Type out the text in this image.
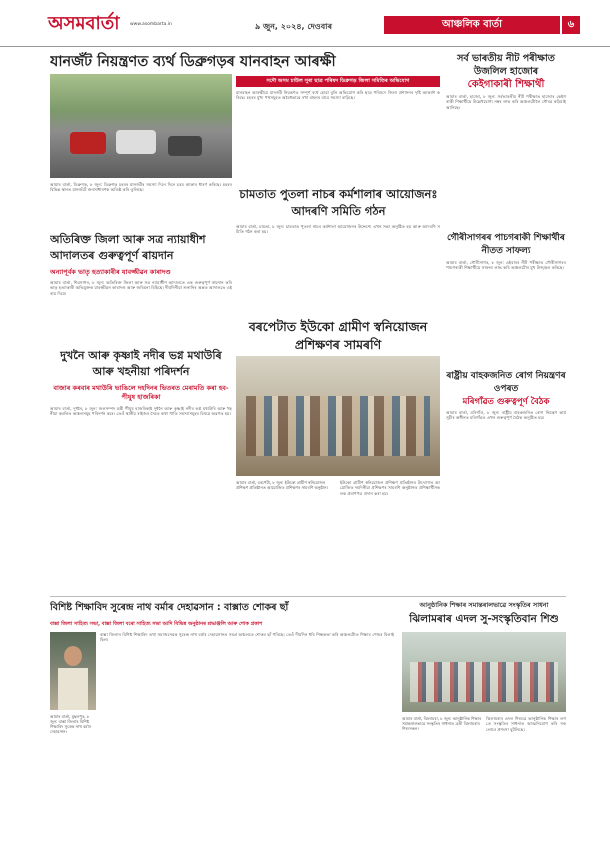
অসমবাৰ্তা	www.asombarta.in	৯ জুন, ২০২৪, দেওবাৰ	আঞ্চলিক বাৰ্তা	৬
যানজঁট নিয়ন্ত্ৰণত ব্যৰ্থ ডিব্ৰুগড়ৰ যানবাহন আৰক্ষী
সদৌ অসম চাউল সুৰা ছাত্ৰ পৰিষদ ডিব্ৰুগড় জিলা সমিতিৰ অভিযোগ
আমাৰ বাৰ্তা, ডিব্ৰুগড়, ৮ জুন: ডিব্ৰুগড় চহৰৰ যানজঁটৰ সমস্যা দিনে দিনে চৰম আকাৰ ধাৰণ কৰিছে। চহৰৰ বিভিন্ন স্থানত যানজঁটে জনসাধাৰণক অতিষ্ঠ কৰি তুলিছে।
যানবাহন আৰক্ষীয়ে যানজঁট নিয়ন্ত্ৰণত সম্পূৰ্ণ ব্যৰ্থ হোৱা বুলি অভিযোগ কৰি ছাত্ৰ পৰিষদে জিলা প্ৰশাসনৰ দৃষ্টি আকৰ্ষণ কৰিছে। চহৰৰ মুখ্য পথসমূহত অবৈধভাৱে ৰখা বাহনৰ বাবে সমস্যা বাঢ়িছে।
চামতাত পুতলা নাচৰ কৰ্মশালাৰ আয়োজনঃ আদৰণি সমিতি গঠন
আমাৰ বাৰ্তা, চামতা, ৮ জুন: চামতাত পুতলা নাচৰ কৰ্মশালা আয়োজনৰ উদ্দেশ্যে এখন সভা অনুষ্ঠিত হয় আৰু আদৰণি সমিতি গঠন কৰা হয়।
অতিৰিক্ত জিলা আৰু সত্ৰ ন্যায়াধীশ আদালতৰ গুৰুত্বপূৰ্ণ ৰায়দান
অন্যাপূৰ্বক ভাতৃ হত্যাকাৰীৰ যাবজ্জীৱন কাৰাদণ্ড
আমাৰ বাৰ্তা, শিৱসাগৰ, ৮ জুন: অতিৰিক্ত জিলা আৰু সত্ৰ ন্যায়াধীশ আদালতে এক গুৰুত্বপূৰ্ণ ৰায়দান কৰি ভাতৃ হত্যাকাৰী অভিযুক্তক যাবজ্জীৱন কাৰাদণ্ড আৰু জৰিমনা বিহিছে। দীৰ্ঘদিনীয়া শুনানিৰ অন্তত আদালতে এই ৰায় দিয়ে।
বৰপেটাত ইউকো গ্ৰামীণ স্বনিয়োজন প্ৰশিক্ষণৰ সামৰণি
আমাৰ বাৰ্তা, বৰপেটা, ৮ জুন: ইউকো গ্ৰামীণ স্বনিয়োজন প্ৰশিক্ষণ প্ৰতিষ্ঠানত আয়োজিত প্ৰশিক্ষণৰ সামৰণি অনুষ্ঠান।
ইউকো গ্ৰামীণ স্বনিয়োজন প্ৰশিক্ষণ প্ৰতিষ্ঠানৰ উদ্যোগত আয়োজিত দহদিনীয়া প্ৰশিক্ষণৰ সামৰণি অনুষ্ঠানত প্ৰশিক্ষাৰ্থীসকলক প্ৰমাণপত্ৰ প্ৰদান কৰা হয়।
দুখনৈ আৰু কৃষ্ণাই নদীৰ ভগ্ন মথাউৰি আৰু খহনীয়া পৰিদৰ্শন
বাজাৰ কৰবাৰ মথাউৰি ভাঙিলে দহদিনৰ ভিতৰত মেৰামতি কৰা হব-পীযুষ হাজৰিকা
আমাৰ বাৰ্তা, দুধনৈ, ৮ জুন: জলসম্পদ মন্ত্ৰী পীযুষ হাজৰিকাই দুধনৈ আৰু কৃষ্ণাই নদীৰ ভগ্ন মথাউৰি আৰু খহনীয়া কবলিত অঞ্চলসমূহ পৰিদৰ্শন কৰে। তেওঁ স্থানীয় ৰাইজৰ সৈতে কথা পাতি সমস্যাসমূহৰ বিষয়ে অৱগত হয়।
সৰ্ব ভাৰতীয় নীট পৰীক্ষাত উজলিল হাজোৰ
কেইগাকাৰী শিক্ষাৰ্থী
আমাৰ বাৰ্তা, হাজো, ৮ জুন: সৰ্বভাৰতীয় নীট পৰীক্ষাত হাজোৰ কেইগৰাকী শিক্ষাৰ্থীয়ে উল্লেখযোগ্য নম্বৰ লাভ কৰি অঞ্চলটোলৈ গৌৰৱ কঢ়িয়াই আনিছে।
গৌৰীসাগৰৰ পাচগৰাকী শিক্ষাৰ্থীৰ নীতত সাফল্য
আমাৰ বাৰ্তা, গৌৰীসাগৰ, ৮ জুন: এইবাৰৰ নীট পৰীক্ষাত গৌৰীসাগৰৰ পাচগৰাকী শিক্ষাৰ্থীয়ে সাফল্য লাভ কৰি অঞ্চলটোৰ মুখ উজ্জ্বল কৰিছে।
ৰাষ্ট্ৰীয় বাহকজনিত ৰোগ নিয়ন্ত্ৰণৰ ওপৰত
মৰিগাঁৱত গুৰুত্বপূৰ্ণ বৈঠক
আমাৰ বাৰ্তা, মৰিগাঁও, ৮ জুন: ৰাষ্ট্ৰীয় বাহকজনিত ৰোগ নিয়ন্ত্ৰণ কাৰ্যসূচীৰ অধীনত মৰিগাঁৱত এখন গুৰুত্বপূৰ্ণ বৈঠক অনুষ্ঠিত হয়।
বিশিষ্ট শিক্ষাবিদ সুৰেন্দ্ৰ নাথ বৰ্মাৰ দেহাৱসান : বাক্সাত শোকৰ ছাঁ
বাক্সা জিলা সাহিত্য সভা, বাক্সা জিলা বৰো সাহিত্য সভা আদি বিভিন্ন অনুষ্ঠানৰ শ্ৰদ্ধাঞ্জলি আৰু শোক প্ৰকাশ
আমাৰ বাৰ্তা, মুছলপুৰ, ৮ জুন: বাক্সা জিলাৰ বিশিষ্ট শিক্ষাবিদ সুৰেন্দ্ৰ নাথ বৰ্মাৰ দেহাৱসান।
বাক্সা জিলাৰ বিশিষ্ট শিক্ষাবিদ তথা সমাজসেৱক সুৰেন্দ্ৰ নাথ বৰ্মাৰ দেহাৱসানত সমগ্ৰ অঞ্চলতে শোকৰ ছাঁ পৰিছে। তেওঁ দীৰ্ঘদিন ধৰি শিক্ষকতা কৰি অঞ্চলটোত শিক্ষাৰ পোহৰ বিলাইছিল।
আনুষ্ঠানিক শিক্ষাৰ সমান্তৰালভাৱে সংস্কৃতিৰ সাধনা
ঝিলামৰাৰ এদল সু-সংস্কৃতিবান শিশু
আমাৰ বাৰ্তা, ঝিলামৰা, ৮ জুন: আনুষ্ঠানিক শিক্ষাৰ সমান্তৰালভাৱে সংস্কৃতিৰ সাধনাত ব্ৰতী ঝিলামৰাৰ শিশুসকল।
ঝিলামৰাৰ এদল শিশুৱে আনুষ্ঠানিক শিক্ষাৰ লগতে সংস্কৃতিৰ সাধনাত আত্মনিয়োগ কৰি সকলোৰে প্ৰশংসা বুটলিছে।
